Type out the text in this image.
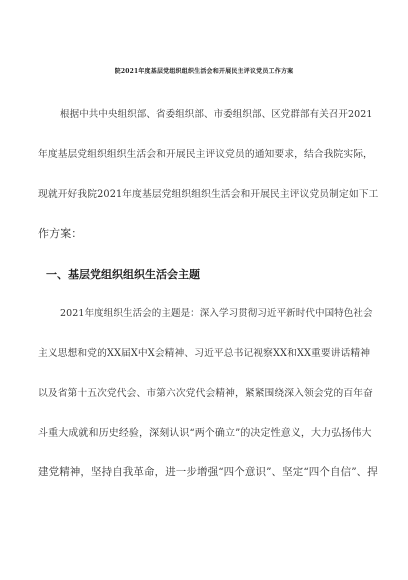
院2021年度基层党组织组织生活会和开展民主评议党员工作方案
根据中共中央组织部、省委组织部、市委组织部、区党群部有关召开2021
年度基层党组织组织生活会和开展民主评议党员的通知要求，结合我院实际，
现就开好我院2021年度基层党组织组织生活会和开展民主评议党员制定如下工
作方案：
一、基层党组织组织生活会主题
2021年度组织生活会的主题是：深入学习贯彻习近平新时代中国特色社会
主义思想和党的XX届X中X会精神、习近平总书记视察XX和XX重要讲话精神
以及省第十五次党代会、市第六次党代会精神，紧紧围绕深入领会党的百年奋
斗重大成就和历史经验，深刻认识“两个确立”的决定性意义，大力弘扬伟大
建党精神，坚持自我革命，进一步增强“四个意识”、坚定“四个自信”、捍
